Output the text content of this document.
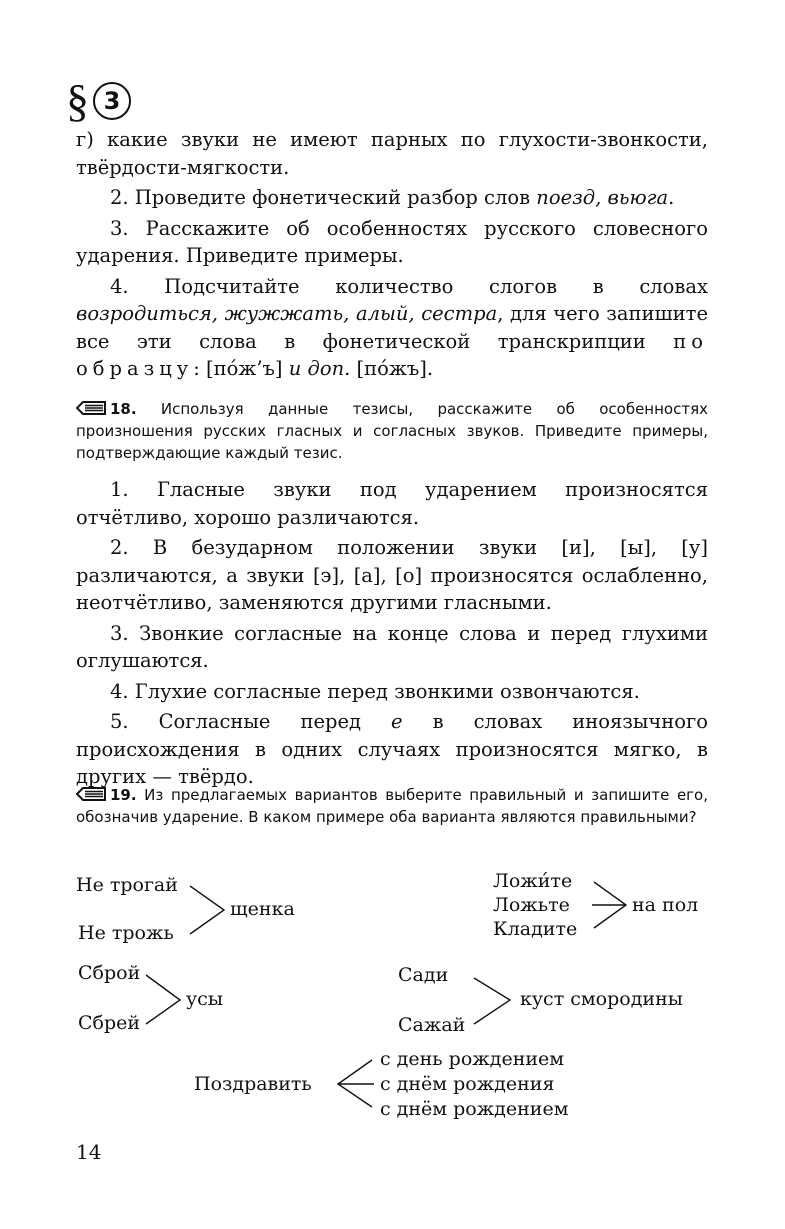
§ 3

г) какие звуки не имеют парных по глухости-звонкости, твёрдости-мягкости.

2. Проведите фонетический разбор слов поезд, вьюга.

3. Расскажите об особенностях русского словесного ударения. Приведите примеры.

4. Подсчитайте количество слогов в словах возродиться, жужжать, алый, сестра, для чего запишите все эти слова в фонетической транскрипции по образцу: [пóж’ъ] и доп. [пóжъ].

18. Используя данные тезисы, расскажите об особенностях произношения русских гласных и согласных звуков. Приведите примеры, подтверждающие каждый тезис.

1. Гласные звуки под ударением произносятся отчётливо, хорошо различаются.

2. В безударном положении звуки [и], [ы], [у] различаются, а звуки [э], [а], [о] произносятся ослабленно, неотчётливо, заменяются другими гласными.

3. Звонкие согласные на конце слова и перед глухими оглушаются.

4. Глухие согласные перед звонкими озвончаются.

5. Согласные перед е в словах иноязычного происхождения в одних случаях произносятся мягко, в других — твёрдо.

19. Из предлагаемых вариантов выберите правильный и запишите его, обозначив ударение. В каком примере оба варианта являются правильными?
Не трогай
Не трожь
щенка
Ложи́те
Ложьте
Кладите
на пол
Сброй
Сбрей
усы
Сади
Сажай
куст смородины
Поздравить
с день рождением
с днём рождения
с днём рождением
14
